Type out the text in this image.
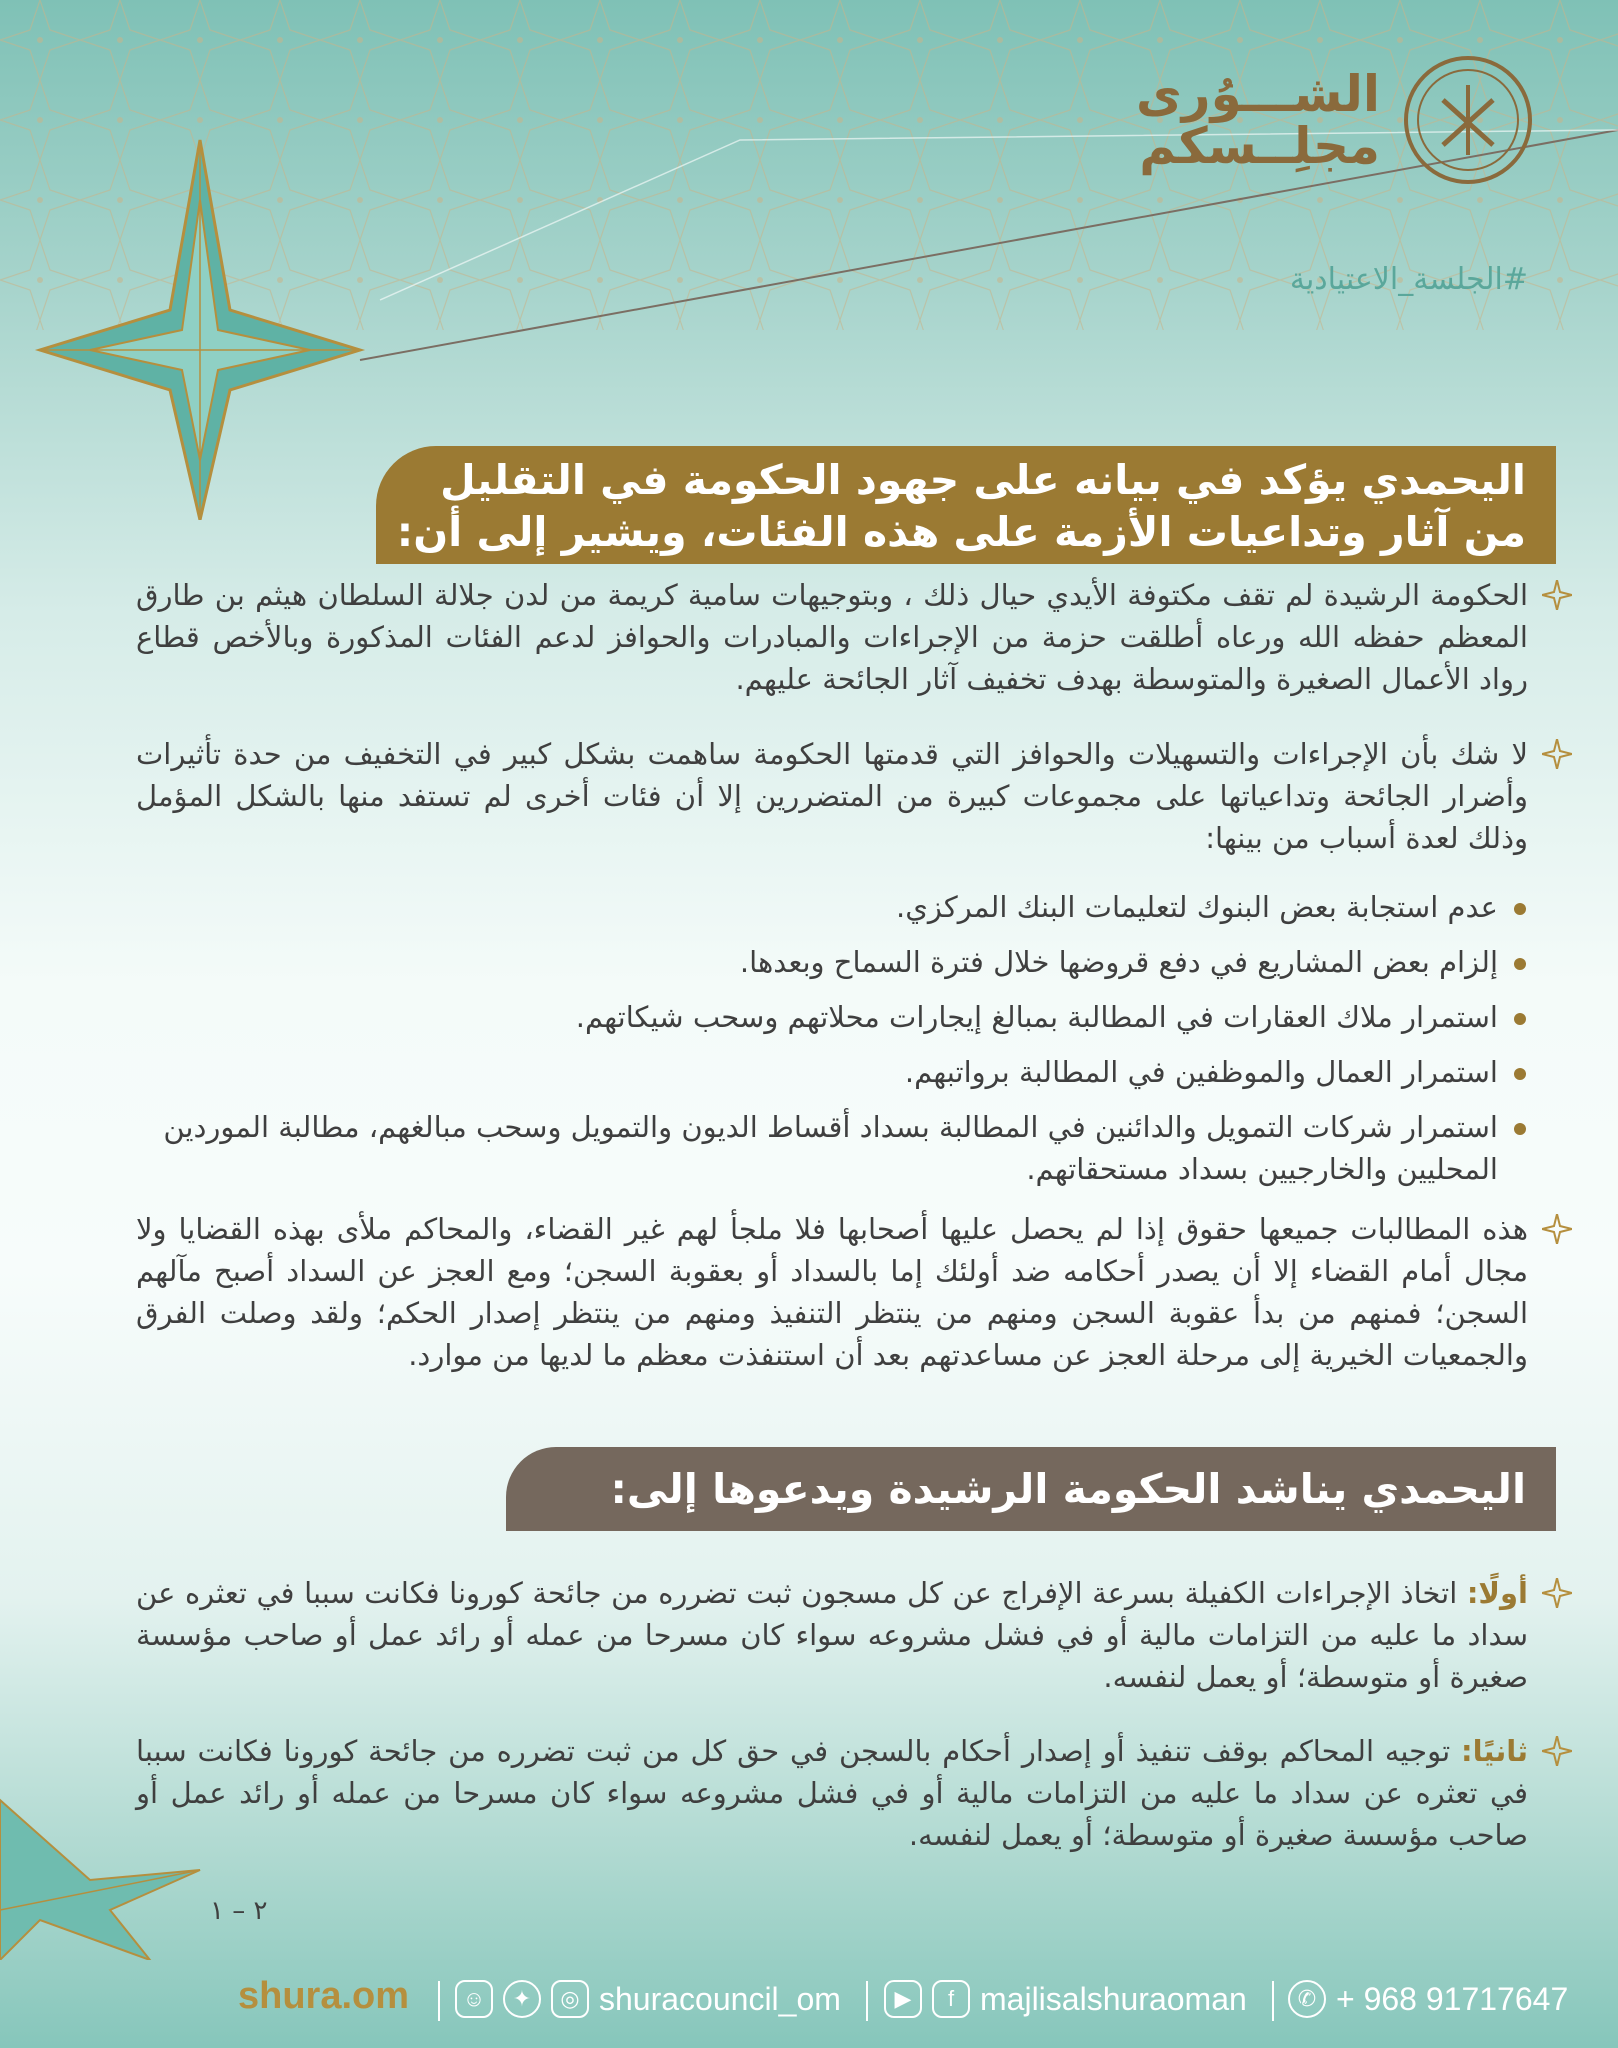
الشـــوُرى
مجلِــسكم
#الجلسة_الاعتيادية
اليحمدي يؤكد في بيانه على جهود الحكومة في التقليل
من آثار وتداعيات الأزمة على هذه الفئات، ويشير إلى أن:
الحكومة الرشيدة لم تقف مكتوفة الأيدي حيال ذلك ، وبتوجيهات سامية كريمة من لدن جلالة السلطان هيثم بن طارق المعظم حفظه الله ورعاه أطلقت حزمة من الإجراءات والمبادرات والحوافز لدعم الفئات المذكورة وبالأخص قطاع رواد الأعمال الصغيرة والمتوسطة بهدف تخفيف آثار الجائحة عليهم.
لا شك بأن الإجراءات والتسهيلات والحوافز التي قدمتها الحكومة ساهمت بشكل كبير في التخفيف من حدة تأثيرات وأضرار الجائحة وتداعياتها على مجموعات كبيرة من المتضررين إلا أن فئات أخرى لم تستفد منها بالشكل المؤمل وذلك لعدة أسباب من بينها:
عدم استجابة بعض البنوك لتعليمات البنك المركزي.
إلزام بعض المشاريع في دفع قروضها خلال فترة السماح وبعدها.
استمرار ملاك العقارات في المطالبة بمبالغ إيجارات محلاتهم وسحب شيكاتهم.
استمرار العمال والموظفين في المطالبة برواتبهم.
استمرار شركات التمويل والدائنين في المطالبة بسداد أقساط الديون والتمويل وسحب مبالغهم، مطالبة الموردين المحليين والخارجيين بسداد مستحقاتهم.
هذه المطالبات جميعها حقوق إذا لم يحصل عليها أصحابها فلا ملجأ لهم غير القضاء، والمحاكم ملأى بهذه القضايا ولا مجال أمام القضاء إلا أن يصدر أحكامه ضد أولئك إما بالسداد أو بعقوبة السجن؛ ومع العجز عن السداد أصبح مآلهم السجن؛ فمنهم من بدأ عقوبة السجن ومنهم من ينتظر التنفيذ ومنهم من ينتظر إصدار الحكم؛ ولقد وصلت الفرق والجمعيات الخيرية إلى مرحلة العجز عن مساعدتهم بعد أن استنفذت معظم ما لديها من موارد.
اليحمدي يناشد الحكومة الرشيدة ويدعوها إلى:
أولًا: اتخاذ الإجراءات الكفيلة بسرعة الإفراج عن كل مسجون ثبت تضرره من جائحة كورونا فكانت سببا في تعثره عن سداد ما عليه من التزامات مالية أو في فشل مشروعه سواء كان مسرحا من عمله أو رائد عمل أو صاحب مؤسسة صغيرة أو متوسطة؛ أو يعمل لنفسه.
ثانيًا: توجيه المحاكم بوقف تنفيذ أو إصدار أحكام بالسجن في حق كل من ثبت تضرره من جائحة كورونا فكانت سببا في تعثره عن سداد ما عليه من التزامات مالية أو في فشل مشروعه سواء كان مسرحا من عمله أو رائد عمل أو صاحب مؤسسة صغيرة أو متوسطة؛ أو يعمل لنفسه.
٢ – ١
shura.om	☺	✦	◎ shuracouncil_om	▶	f majlisalshuraoman	✆ + 968 91717647
